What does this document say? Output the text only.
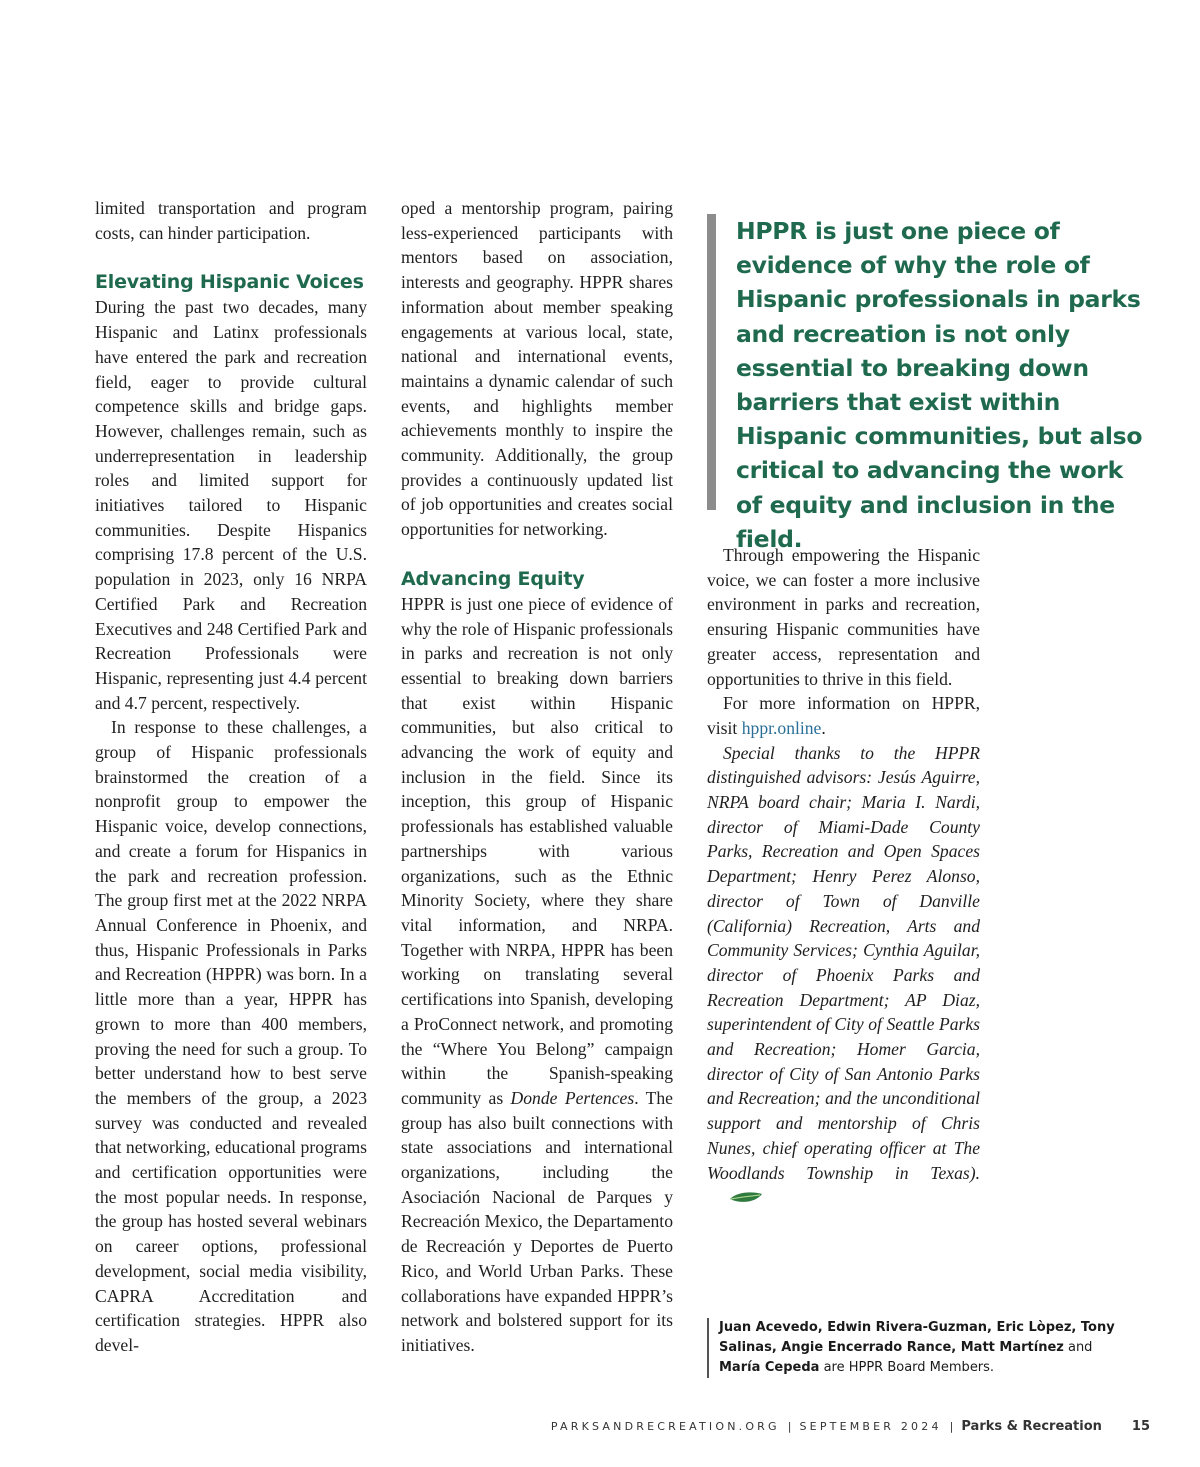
limited transportation and program costs, can hinder participation.

Elevating Hispanic Voices

During the past two decades, many Hispanic and Latinx professionals have entered the park and recreation field, eager to provide cultural competence skills and bridge gaps. However, challenges remain, such as underrepresentation in leadership roles and limited support for initiatives tailored to Hispanic communities. Despite Hispanics comprising 17.8 percent of the U.S. population in 2023, only 16 NRPA Certified Park and Recreation Executives and 248 Certified Park and Recreation Professionals were Hispanic, representing just 4.4 percent and 4.7 percent, respectively.

In response to these challenges, a group of Hispanic professionals brainstormed the creation of a nonprofit group to empower the Hispanic voice, develop connections, and create a forum for Hispanics in the park and recreation profession. The group first met at the 2022 NRPA Annual Conference in Phoenix, and thus, Hispanic Professionals in Parks and Recreation (HPPR) was born. In a little more than a year, HPPR has grown to more than 400 members, proving the need for such a group. To better understand how to best serve the members of the group, a 2023 survey was conducted and revealed that networking, educational programs and certification opportunities were the most popular needs. In response, the group has hosted several webinars on career options, professional development, social media visibility, CAPRA Accreditation and certification strategies. HPPR also devel-

oped a mentorship program, pairing less-experienced participants with mentors based on association, interests and geography. HPPR shares information about member speaking engagements at various local, state, national and international events, maintains a dynamic calendar of such events, and highlights member achievements monthly to inspire the community. Additionally, the group provides a continuously updated list of job opportunities and creates social opportunities for networking.

Advancing Equity

HPPR is just one piece of evidence of why the role of Hispanic professionals in parks and recreation is not only essential to breaking down barriers that exist within Hispanic communities, but also critical to advancing the work of equity and inclusion in the field. Since its inception, this group of Hispanic professionals has established valuable partnerships with various organizations, such as the Ethnic Minority Society, where they share vital information, and NRPA. Together with NRPA, HPPR has been working on translating several certifications into Spanish, developing a ProConnect network, and promoting the “Where You Belong” campaign within the Spanish-speaking community as Donde Pertences. The group has also built connections with state associations and international organizations, including the Asociación Nacional de Parques y Recreación Mexico, the Departamento de Recreación y Deportes de Puerto Rico, and World Urban Parks. These collaborations have expanded HPPR’s network and bolstered support for its initiatives.

HPPR is just one piece of evidence of why the role of Hispanic professionals in parks and recreation is not only essential to breaking down barriers that exist within Hispanic communities, but also critical to advancing the work of equity and inclusion in the field.

Through empowering the Hispanic voice, we can foster a more inclusive environment in parks and recreation, ensuring Hispanic communities have greater access, representation and opportunities to thrive in this field.

For more information on HPPR, visit hppr.online.

Special thanks to the HPPR distinguished advisors: Jesús Aguirre, NRPA board chair; Maria I. Nardi, director of Miami-Dade County Parks, Recreation and Open Spaces Department; Henry Perez Alonso, director of Town of Danville (California) Recreation, Arts and Community Services; Cynthia Aguilar, director of Phoenix Parks and Recreation Department; AP Diaz, superintendent of City of Seattle Parks and Recreation; Homer Garcia, director of City of San Antonio Parks and Recreation; and the unconditional support and mentorship of Chris Nunes, chief operating officer at The Woodlands Township in Texas).

Juan Acevedo, Edwin Rivera-Guzman, Eric Lòpez, Tony Salinas, Angie Encerrado Rance, Matt Martínez and María Cepeda are HPPR Board Members.
PARKSANDRECREATION.ORG | SEPTEMBER 2024 | Parks & Recreation 15
